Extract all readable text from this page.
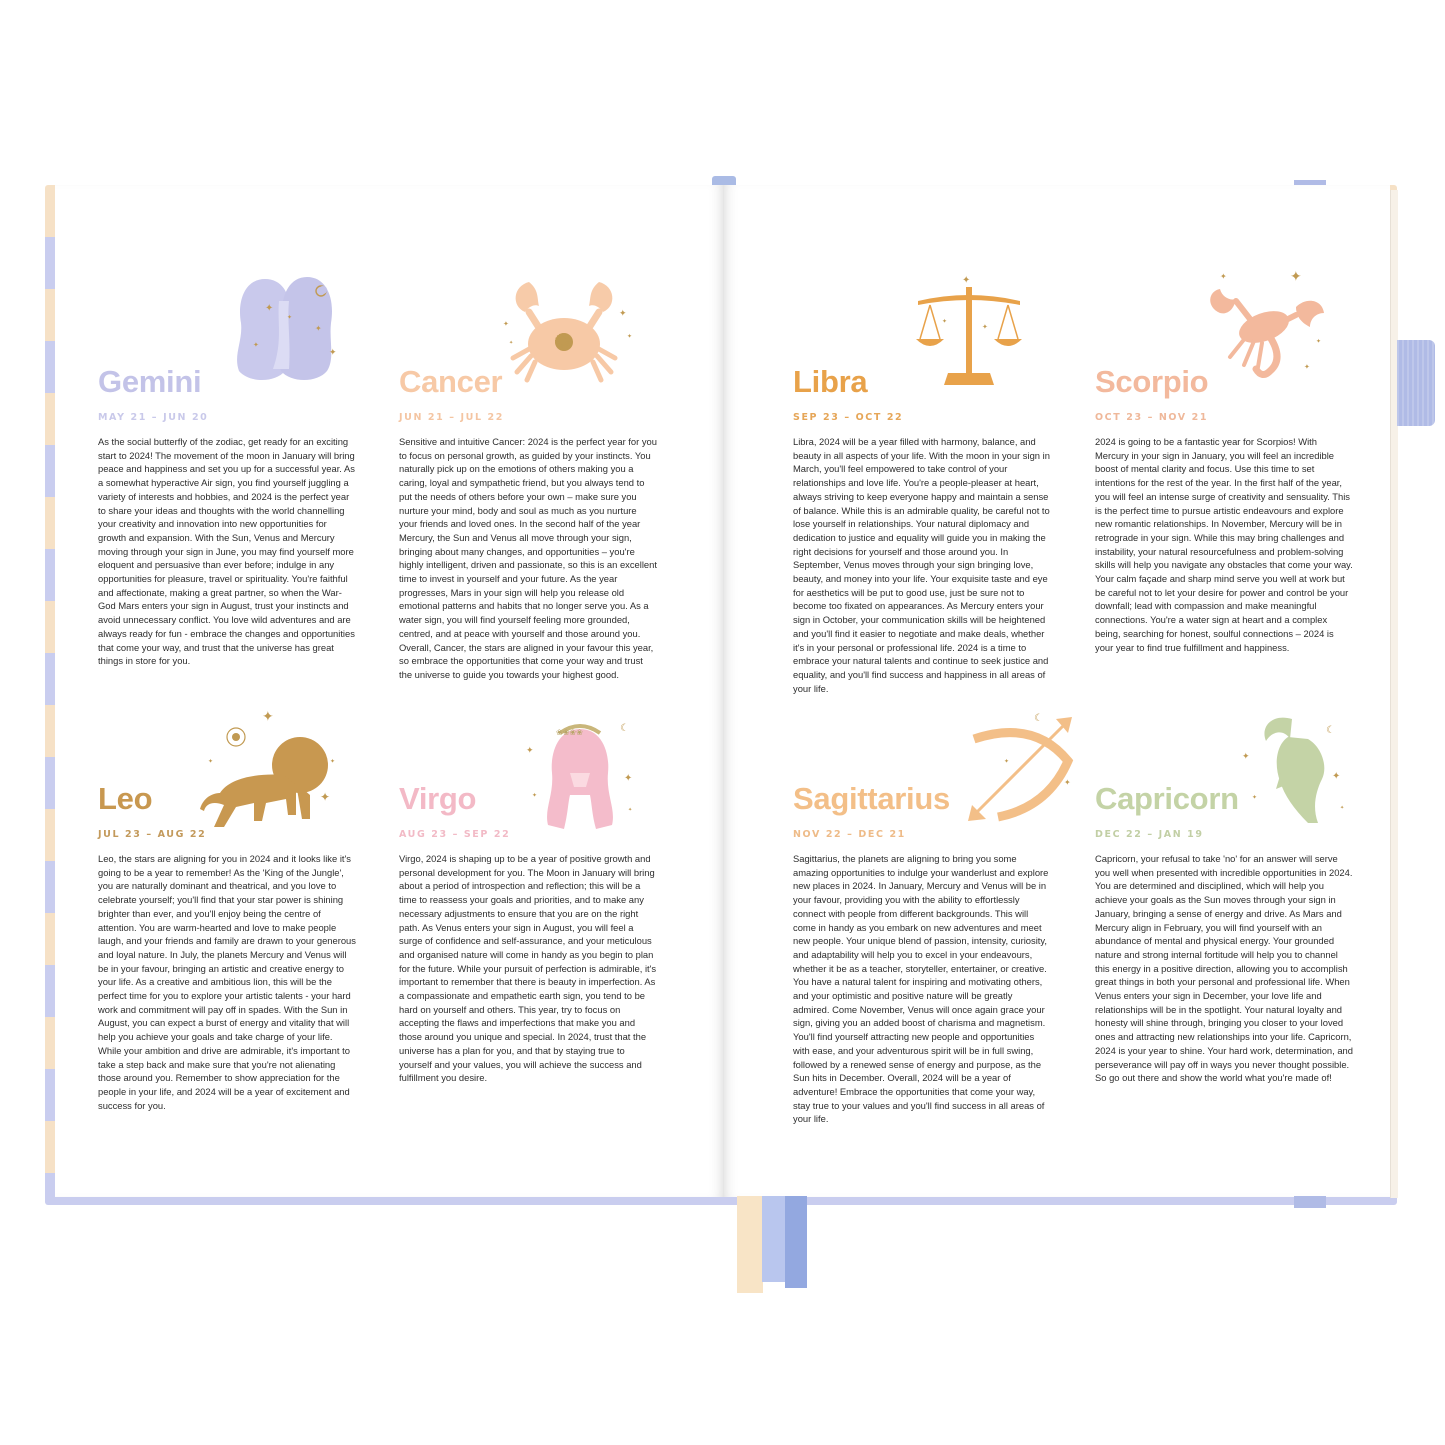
✦
✦
✦
✦
✦
Gemini
MAY 21 – JUN 20

As the social butterfly of the zodiac, get ready for an exciting start to 2024! The movement of the moon in January will bring peace and happiness and set you up for a successful year. As a somewhat hyperactive Air sign, you find yourself juggling a variety of interests and hobbies, and 2024 is the perfect year to share your ideas and thoughts with the world channelling your creativity and innovation into new opportunities for growth and expansion. With the Sun, Venus and Mercury moving through your sign in June, you may find yourself more eloquent and persuasive than ever before; indulge in any opportunities for pleasure, travel or spirituality. You're faithful and affectionate, making a great partner, so when the War-God Mars enters your sign in August, trust your instincts and avoid unnecessary conflict. You love wild adventures and are always ready for fun - embrace the changes and opportunities that come your way, and trust that the universe has great things in store for you.

✺
✦
✦
✦
✦
Cancer
JUN 21 – JUL 22

Sensitive and intuitive Cancer: 2024 is the perfect year for you to focus on personal growth, as guided by your instincts. You naturally pick up on the emotions of others making you a caring, loyal and sympathetic friend, but you always tend to put the needs of others before your own – make sure you nurture your mind, body and soul as much as you nurture your friends and loved ones. In the second half of the year Mercury, the Sun and Venus all move through your sign, bringing about many changes, and opportunities – you're highly intelligent, driven and passionate, so this is an excellent time to invest in yourself and your future. As the year progresses, Mars in your sign will help you release old emotional patterns and habits that no longer serve you. As a water sign, you will find yourself feeling more grounded, centred, and at peace with yourself and those around you. Overall, Cancer, the stars are aligned in your favour this year, so embrace the opportunities that come your way and trust the universe to guide you towards your highest good.

✦
✦
✦
✦
Leo
JUL 23 – AUG 22

Leo, the stars are aligning for you in 2024 and it looks like it's going to be a year to remember! As the 'King of the Jungle', you are naturally dominant and theatrical, and you love to celebrate yourself; you'll find that your star power is shining brighter than ever, and you'll enjoy being the centre of attention. You are warm-hearted and love to make people laugh, and your friends and family are drawn to your generous and loyal nature. In July, the planets Mercury and Venus will be in your favour, bringing an artistic and creative energy to your life. As a creative and ambitious lion, this will be the perfect time for you to explore your artistic talents - your hard work and commitment will pay off in spades. With the Sun in August, you can expect a burst of energy and vitality that will help you achieve your goals and take charge of your life. While your ambition and drive are admirable, it's important to take a step back and make sure that you're not alienating those around you. Remember to show appreciation for the people in your life, and 2024 will be a year of excitement and success for you.

❀❀❀❀	☾
✦
✦
✦
✦
Virgo
AUG 23 – SEP 22

Virgo, 2024 is shaping up to be a year of positive growth and personal development for you. The Moon in January will bring about a period of introspection and reflection; this will be a time to reassess your goals and priorities, and to make any necessary adjustments to ensure that you are on the right path. As Venus enters your sign in August, you will feel a surge of confidence and self-assurance, and your meticulous and organised nature will come in handy as you begin to plan for the future. While your pursuit of perfection is admirable, it's important to remember that there is beauty in imperfection. As a compassionate and empathetic earth sign, you tend to be hard on yourself and others. This year, try to focus on accepting the flaws and imperfections that make you and those around you unique and special. In 2024, trust that the universe has a plan for you, and that by staying true to yourself and your values, you will achieve the success and fulfillment you desire.

✦
✦
✦
Libra
SEP 23 – OCT 22

Libra, 2024 will be a year filled with harmony, balance, and beauty in all aspects of your life. With the moon in your sign in March, you'll feel empowered to take control of your relationships and love life. You're a people-pleaser at heart, always striving to keep everyone happy and maintain a sense of balance. While this is an admirable quality, be careful not to lose yourself in relationships. Your natural diplomacy and dedication to justice and equality will guide you in making the right decisions for yourself and those around you. In September, Venus moves through your sign bringing love, beauty, and money into your life. Your exquisite taste and eye for aesthetics will be put to good use, just be sure not to become too fixated on appearances. As Mercury enters your sign in October, your communication skills will be heightened and you'll find it easier to negotiate and make deals, whether it's in your personal or professional life. 2024 is a time to embrace your natural talents and continue to seek justice and equality, and you'll find success and happiness in all areas of your life.

✦
✦
✦
✦
Scorpio
OCT 23 – NOV 21

2024 is going to be a fantastic year for Scorpios! With Mercury in your sign in January, you will feel an incredible boost of mental clarity and focus. Use this time to set intentions for the rest of the year. In the first half of the year, you will feel an intense surge of creativity and sensuality. This is the perfect time to pursue artistic endeavours and explore new romantic relationships. In November, Mercury will be in retrograde in your sign. While this may bring challenges and instability, your natural resourcefulness and problem-solving skills will help you navigate any obstacles that come your way. Your calm façade and sharp mind serve you well at work but be careful not to let your desire for power and control be your downfall; lead with compassion and make meaningful connections. You're a water sign at heart and a complex being, searching for honest, soulful connections – 2024 is your year to find true fulfillment and happiness.

☾
✦
✦
Sagittarius
NOV 22 – DEC 21

Sagittarius, the planets are aligning to bring you some amazing opportunities to indulge your wanderlust and explore new places in 2024. In January, Mercury and Venus will be in your favour, providing you with the ability to effortlessly connect with people from different backgrounds. This will come in handy as you embark on new adventures and meet new people. Your unique blend of passion, intensity, curiosity, and adaptability will help you to excel in your endeavours, whether it be as a teacher, storyteller, entertainer, or creative. You have a natural talent for inspiring and motivating others, and your optimistic and positive nature will be greatly admired. Come November, Venus will once again grace your sign, giving you an added boost of charisma and magnetism. You'll find yourself attracting new people and opportunities with ease, and your adventurous spirit will be in full swing, followed by a renewed sense of energy and purpose, as the Sun hits in December. Overall, 2024 will be a year of adventure! Embrace the opportunities that come your way, stay true to your values and you'll find success in all areas of your life.

☾
✦
✦
✦
✦
Capricorn
DEC 22 – JAN 19

Capricorn, your refusal to take 'no' for an answer will serve you well when presented with incredible opportunities in 2024. You are determined and disciplined, which will help you achieve your goals as the Sun moves through your sign in January, bringing a sense of energy and drive. As Mars and Mercury align in February, you will find yourself with an abundance of mental and physical energy. Your grounded nature and strong internal fortitude will help you to channel this energy in a positive direction, allowing you to accomplish great things in both your personal and professional life. When Venus enters your sign in December, your love life and relationships will be in the spotlight. Your natural loyalty and honesty will shine through, bringing you closer to your loved ones and attracting new relationships into your life. Capricorn, 2024 is your year to shine. Your hard work, determination, and perseverance will pay off in ways you never thought possible. So go out there and show the world what you're made of!
